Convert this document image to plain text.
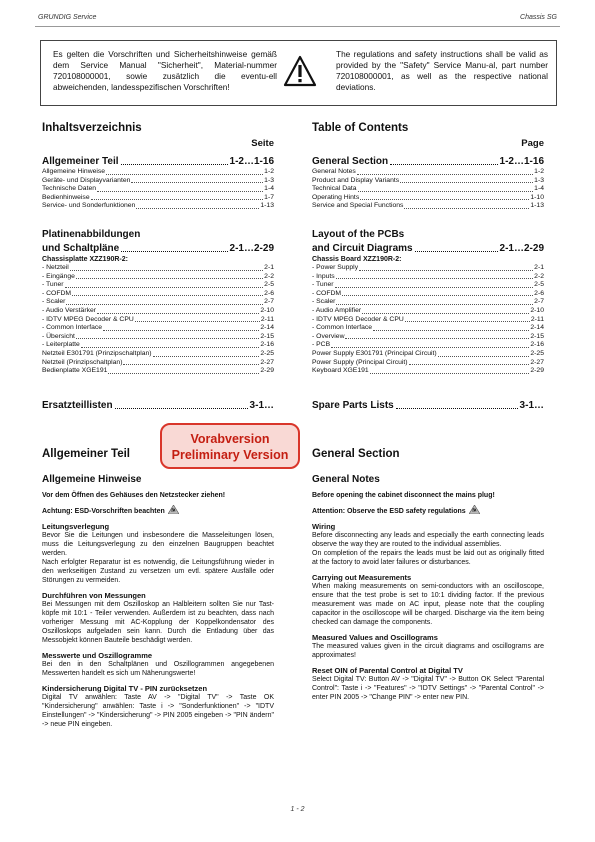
GRUNDIG Service	Chassis SG
Es gelten die Vorschriften und Sicherheitshinweise gemäß dem Service Manual "Sicherheit", Material-nummer 720108000001, sowie zusätzlich die eventu-ell abweichenden, landesspezifischen Vorschriften!
The regulations and safety instructions shall be valid as provided by the "Safety" Service Manu-al, part number 720108000001, as well as the respective national deviations.
Inhaltsverzeichnis
Seite
Allgemeiner Teil	1-2…1-16
Allgemeine Hinweise	1-2
Geräte- und Displayvarianten	1-3
Technische Daten	1-4
Bedienhinweise	1-7
Service- und Sonderfunktionen	1-13
Platinenabbildungen
und Schaltpläne	2-1…2-29
Chassisplatte XZZ190R-2:
- Netzteil	2-1
- Eingänge	2-2
- Tuner	2-5
- COFDM	2-6
- Scaler	2-7
- Audio Verstärker	2-10
- IDTV MPEG Decoder & CPU	2-11
- Common Interface	2-14
- Übersicht	2-15
- Leiterplatte	2-16
Netzteil E301791 (Prinzipschaltplan)	2-25
Netzteil (Prinzipschaltplan)	2-27
Bedienplatte XGE191	2-29
Ersatzteillisten	3-1…
Table of Contents
Page
General Section	1-2…1-16
General Notes	1-2
Product and Display Variants	1-3
Technical Data	1-4
Operating Hints	1-10
Service and Special Functions	1-13
Layout of the PCBs
and Circuit Diagrams	2-1…2-29
Chassis Board XZZ190R-2:
- Power Supply	2-1
- Inputs	2-2
- Tuner	2-5
- COFDM	2-6
- Scaler	2-7
- Audio Amplifier	2-10
- IDTV MPEG Decoder & CPU	2-11
- Common Interface	2-14
- Overview	2-15
- PCB	2-16
Power Supply E301791 (Principal Circuit)	2-25
Power Supply (Principal Circuit)	2-27
Keyboard XGE191	2-29
Spare Parts Lists	3-1…
Vorabversion
Preliminary Version
Allgemeiner Teil
Allgemeine Hinweise
Vor dem Öffnen des Gehäuses den Netzstecker ziehen!
Achtung: ESD-Vorschriften beachten
Leitungsverlegung
Bevor Sie die Leitungen und insbesondere die Masseleitungen lösen, muss die Leitungsverlegung zu den einzelnen Baugruppen beachtet werden.
Nach erfolgter Reparatur ist es notwendig, die Leitungsführung wieder in den werkseitigen Zustand zu versetzen um evtl. spätere Ausfälle oder Störungen zu vermeiden.
Durchführen von Messungen
Bei Messungen mit dem Oszilloskop an Halbleitern sollten Sie nur Tast-köpfe mit 10:1 - Teiler verwenden. Außerdem ist zu beachten, dass nach vorheriger Messung mit AC-Kopplung der Koppelkondensator des Oszilloskops aufgeladen sein kann. Durch die Entladung über das Messobjekt können Bauteile beschädigt werden.
Messwerte und Oszillogramme
Bei den in den Schaltplänen und Oszillogrammen angegebenen Messwerten handelt es sich um Näherungswerte!
Kindersicherung Digital TV - PIN zurücksetzen
Digital TV anwählen: Taste AV -> "Digital TV" -> Taste OK "Kindersicherung" anwählen: Taste i -> "Sonderfunktionen" -> "IDTV Einstellungen" -> "Kindersicherung" -> PIN 2005 eingeben -> "PIN ändern" -> neue PIN eingeben.
General Section
General Notes
Before opening the cabinet disconnect the mains plug!
Attention: Observe the ESD safety regulations
Wiring
Before disconnecting any leads and especially the earth connecting leads observe the way they are routed to the individual assemblies.
On completion of the repairs the leads must be laid out as originally fitted at the factory to avoid later failures or disturbances.
Carrying out Measurements
When making measurements on semi-conductors with an oscilloscope, ensure that the test probe is set to 10:1 dividing factor. If the previous measurement was made on AC input, please note that the coupling capacitor in the oscilloscope will be charged. Discharge via the item being checked can damage the components.
Measured Values and Oscillograms
The measured values given in the circuit diagrams and oscillograms are approximates!
Reset OIN of Parental Control at Digital TV
Select Digital TV: Button AV -> "Digital TV" -> Button OK Select "Parental Control": Taste i -> "Features" -> "IDTV Settings" -> "Parental Control" -> enter PIN 2005 -> "Change PIN" -> enter new PIN.
1 - 2
